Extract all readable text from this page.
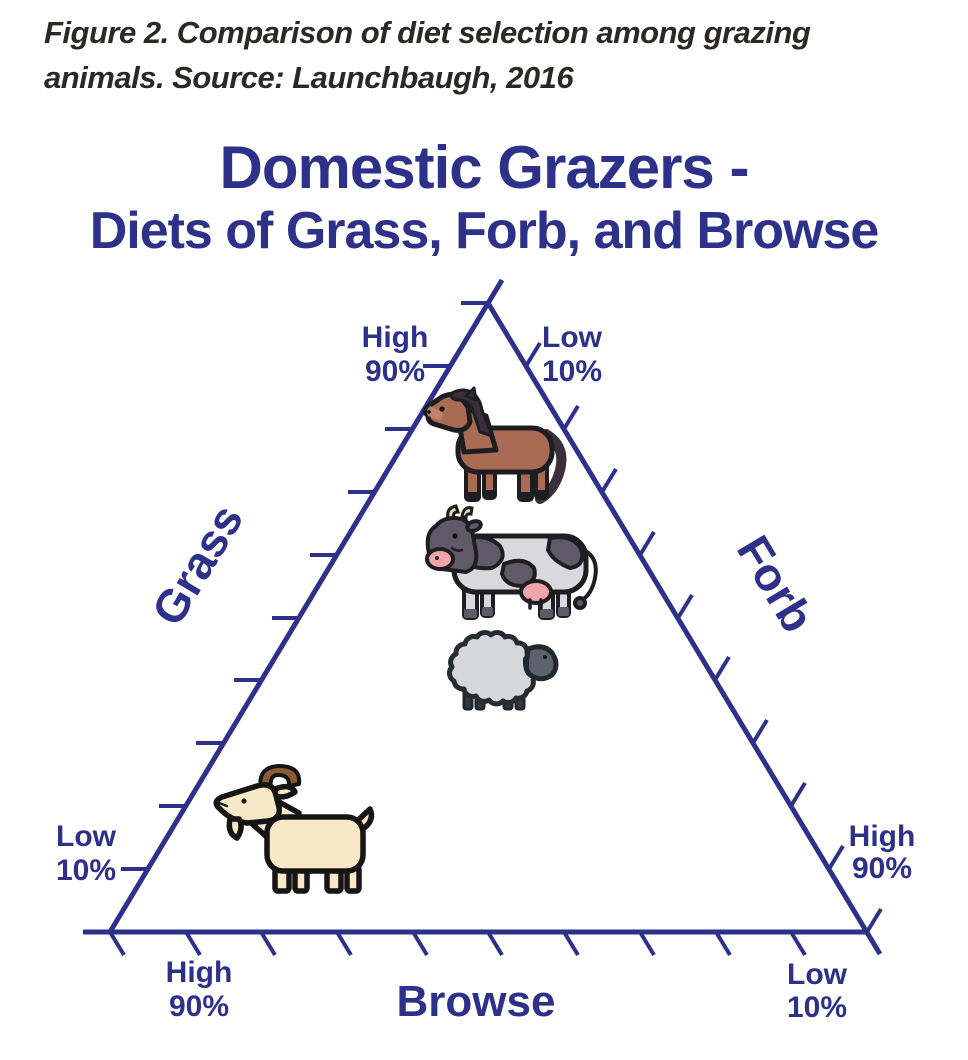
Figure 2. Comparison of diet selection among grazing
animals. Source: Launchbaugh, 2016
Domestic Grazers -
Diets of Grass, Forb, and Browse
High
90%
Low
10%
Low
10%
High
90%
High
90%
Low
10%
Grass	Forb
Browse
